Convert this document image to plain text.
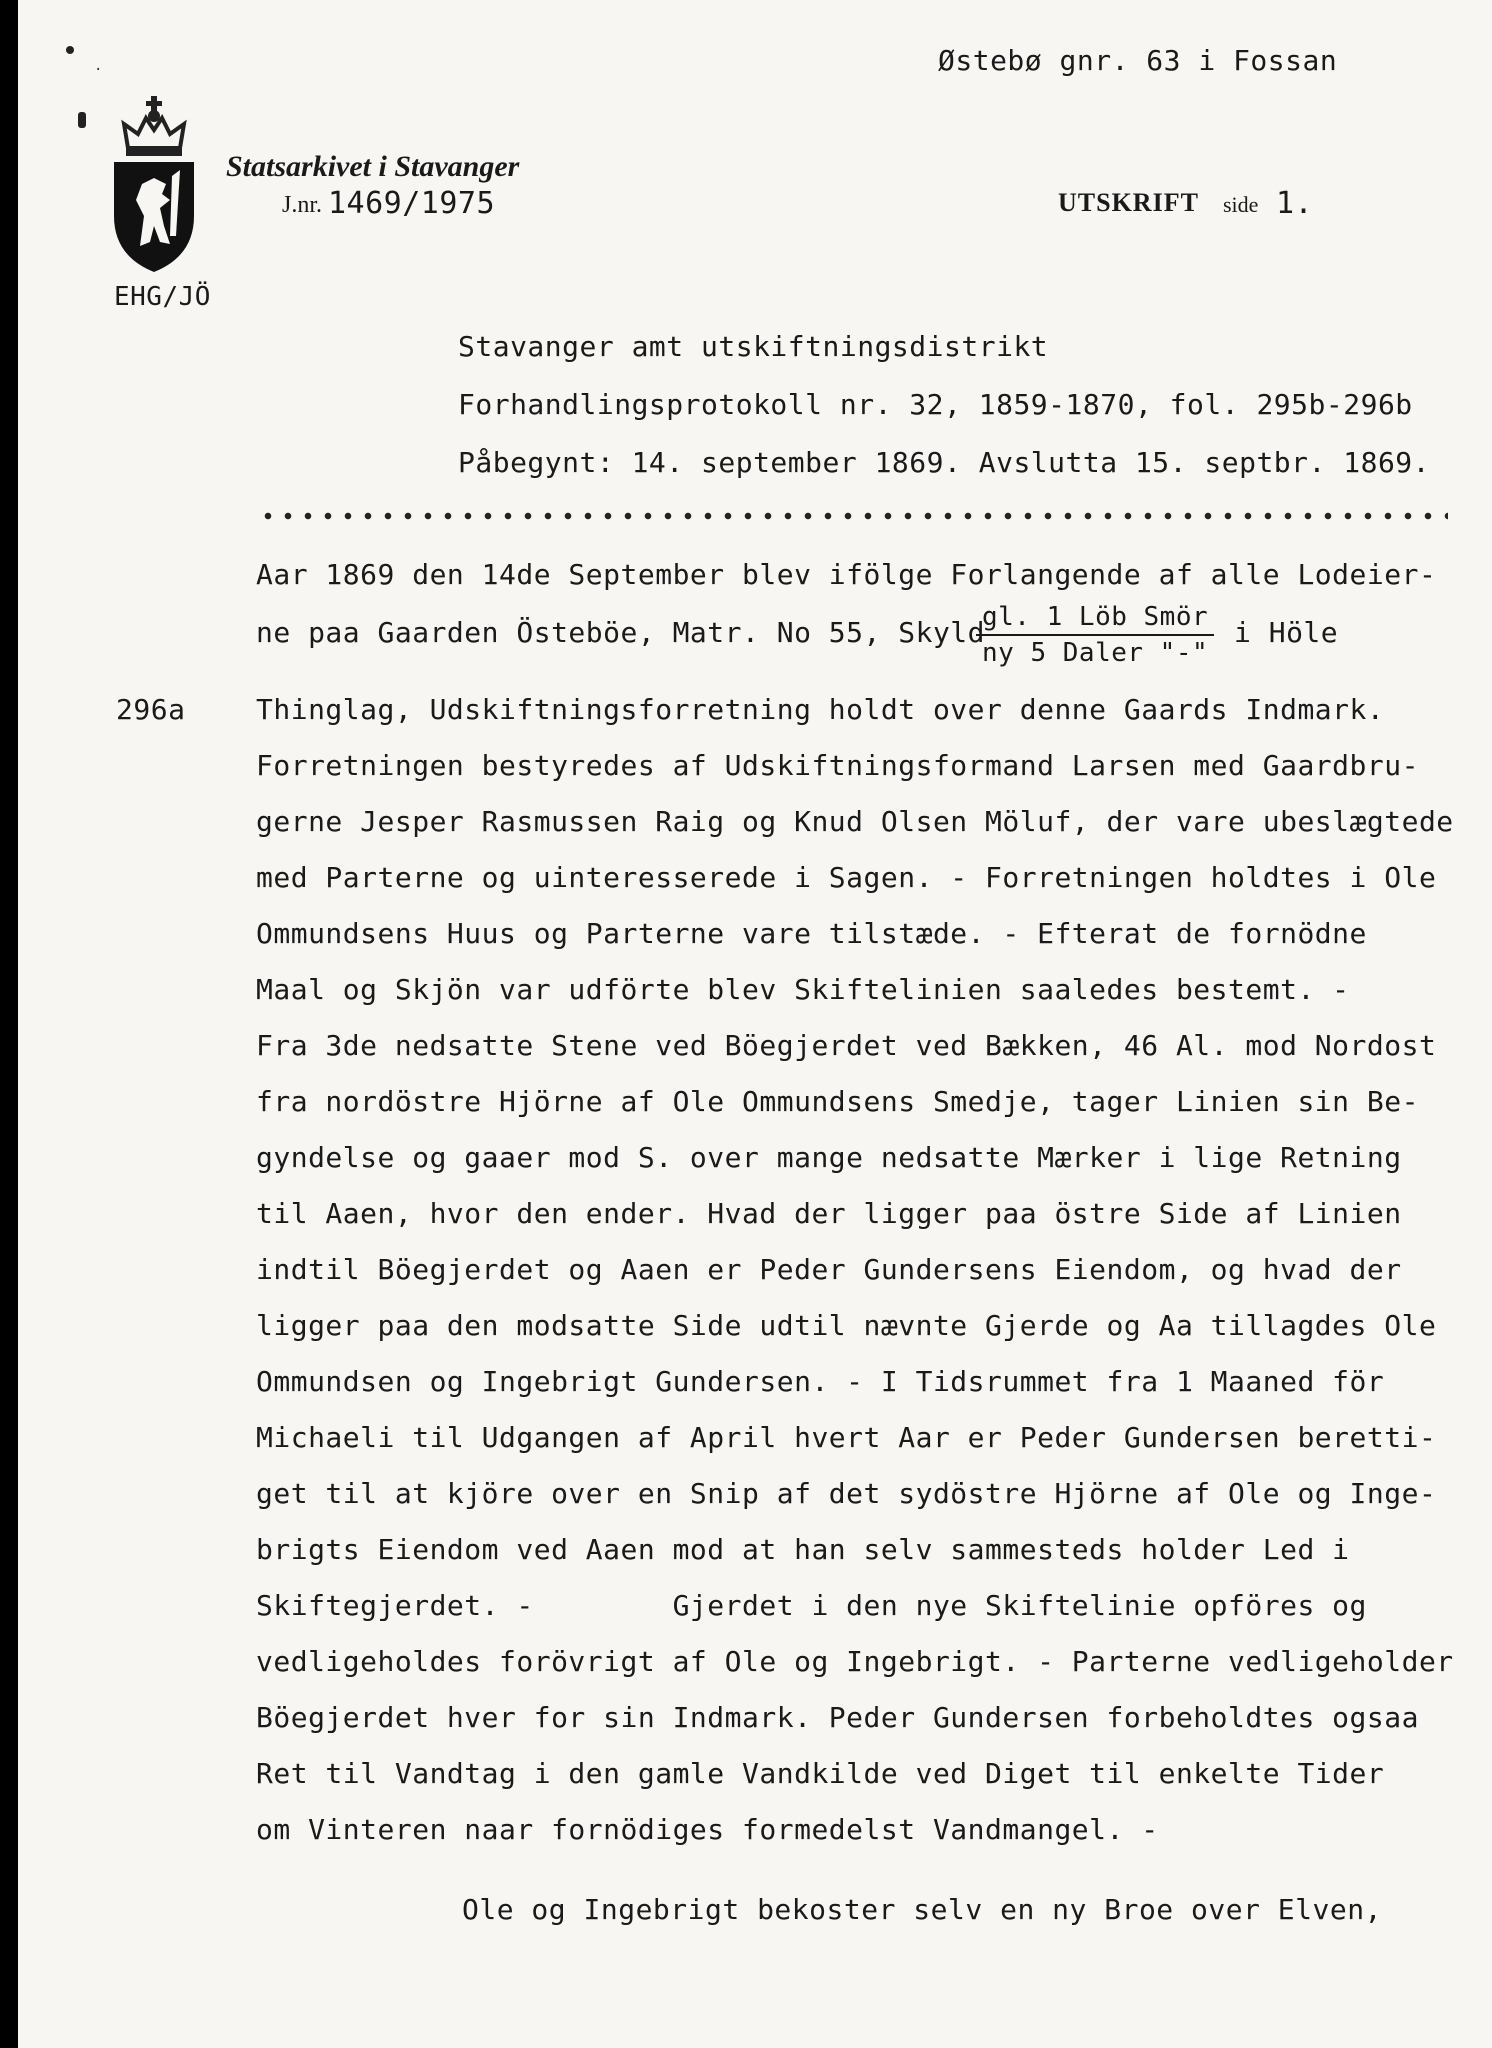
·	Østebø gnr. 63 i Fossan
Statsarkivet i Stavanger
J.nr. 1469/1975	UTSKRIFT side 1.
EHG/JÖ
Stavanger amt utskiftningsdistrikt
Forhandlingsprotokoll nr. 32, 1859-1870, fol. 295b-296b
Påbegynt: 14. september 1869. Avslutta 15. septbr. 1869.
296a
Aar 1869 den 14de September blev ifölge Forlangende af alle Lodeier-
ne paa Gaarden Östeböe, Matr. No 55, Skyld
gl. 1 Löb Smör
ny 5 Daler "-"
i Höle
Thinglag, Udskiftningsforretning holdt over denne Gaards Indmark.
Forretningen bestyredes af Udskiftningsformand Larsen med Gaardbru-
gerne Jesper Rasmussen Raig og Knud Olsen Möluf, der vare ubeslægtede
med Parterne og uinteresserede i Sagen. - Forretningen holdtes i Ole
Ommundsens Huus og Parterne vare tilstæde. - Efterat de fornödne
Maal og Skjön var udförte blev Skiftelinien saaledes bestemt. -
Fra 3de nedsatte Stene ved Böegjerdet ved Bækken, 46 Al. mod Nordost
fra nordöstre Hjörne af Ole Ommundsens Smedje, tager Linien sin Be-
gyndelse og gaaer mod S. over mange nedsatte Mærker i lige Retning
til Aaen, hvor den ender. Hvad der ligger paa östre Side af Linien
indtil Böegjerdet og Aaen er Peder Gundersens Eiendom, og hvad der
ligger paa den modsatte Side udtil nævnte Gjerde og Aa tillagdes Ole
Ommundsen og Ingebrigt Gundersen. - I Tidsrummet fra 1 Maaned för
Michaeli til Udgangen af April hvert Aar er Peder Gundersen beretti-
get til at kjöre over en Snip af det sydöstre Hjörne af Ole og Inge-
brigts Eiendom ved Aaen mod at han selv sammesteds holder Led i
Skiftegjerdet. -        Gjerdet i den nye Skiftelinie opföres og
vedligeholdes forövrigt af Ole og Ingebrigt. - Parterne vedligeholder
Böegjerdet hver for sin Indmark. Peder Gundersen forbeholdtes ogsaa
Ret til Vandtag i den gamle Vandkilde ved Diget til enkelte Tider
om Vinteren naar fornödiges formedelst Vandmangel. -
Ole og Ingebrigt bekoster selv en ny Broe over Elven,
